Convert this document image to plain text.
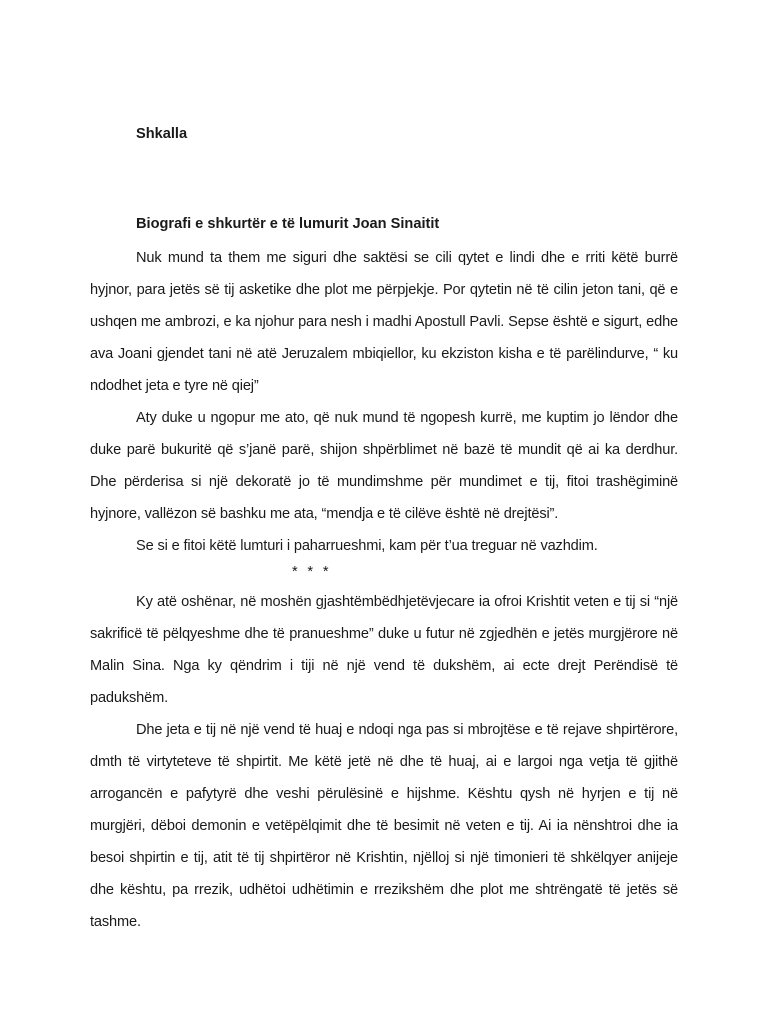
Shkalla
Biografi e shkurtër e të lumurit Joan Sinaitit

Nuk mund ta them me siguri dhe saktësi se cili qytet e lindi dhe e rriti këtë burrë hyjnor, para jetës së tij asketike dhe plot me përpjekje. Por qytetin në të cilin jeton tani, që e ushqen me ambrozi, e ka njohur para nesh i madhi Apostull Pavli. Sepse është e sigurt, edhe ava Joani gjendet tani në atë Jeruzalem mbiqiellor, ku ekziston kisha e të parëlindurve, “ ku ndodhet jeta e tyre në qiej”

Aty duke u ngopur me ato, që nuk mund të ngopesh kurrë, me kuptim jo lëndor dhe duke parë bukuritë që s’janë parë, shijon shpërblimet në bazë të mundit që ai ka derdhur. Dhe përderisa si një dekoratë jo të mundimshme për mundimet e tij, fitoi trashëgiminë hyjnore, vallëzon së bashku me ata, “mendja e të cilëve është në drejtësi”.

Se si e fitoi këtë lumturi i paharrueshmi, kam për t’ua treguar në vazhdim.

* * *

Ky atë oshënar, në moshën gjashtëmbëdhjetëvjecare ia ofroi Krishtit veten e tij si “një sakrificë të pëlqyeshme dhe të pranueshme” duke u futur në zgjedhën e jetës murgjërore në Malin Sina. Nga ky qëndrim i tiji në një vend të dukshëm, ai ecte drejt Perëndisë të padukshëm.

Dhe jeta e tij në një vend të huaj e ndoqi nga pas si mbrojtëse e të rejave shpirtërore, dmth të virtyteteve të shpirtit. Me këtë jetë në dhe të huaj, ai e largoi nga vetja të gjithë arrogancën e pafytyrë dhe veshi përulësinë e hijshme. Kështu qysh në hyrjen e tij në murgjëri, dëboi demonin e vetëpëlqimit dhe të besimit në veten e tij. Ai ia nënshtroi dhe ia besoi shpirtin e tij, atit të tij shpirtëror në Krishtin, njëlloj si një timonieri të shkëlqyer anijeje dhe kështu, pa rrezik, udhëtoi udhëtimin e rrezikshëm dhe plot me shtrëngatë të jetës së tashme.
